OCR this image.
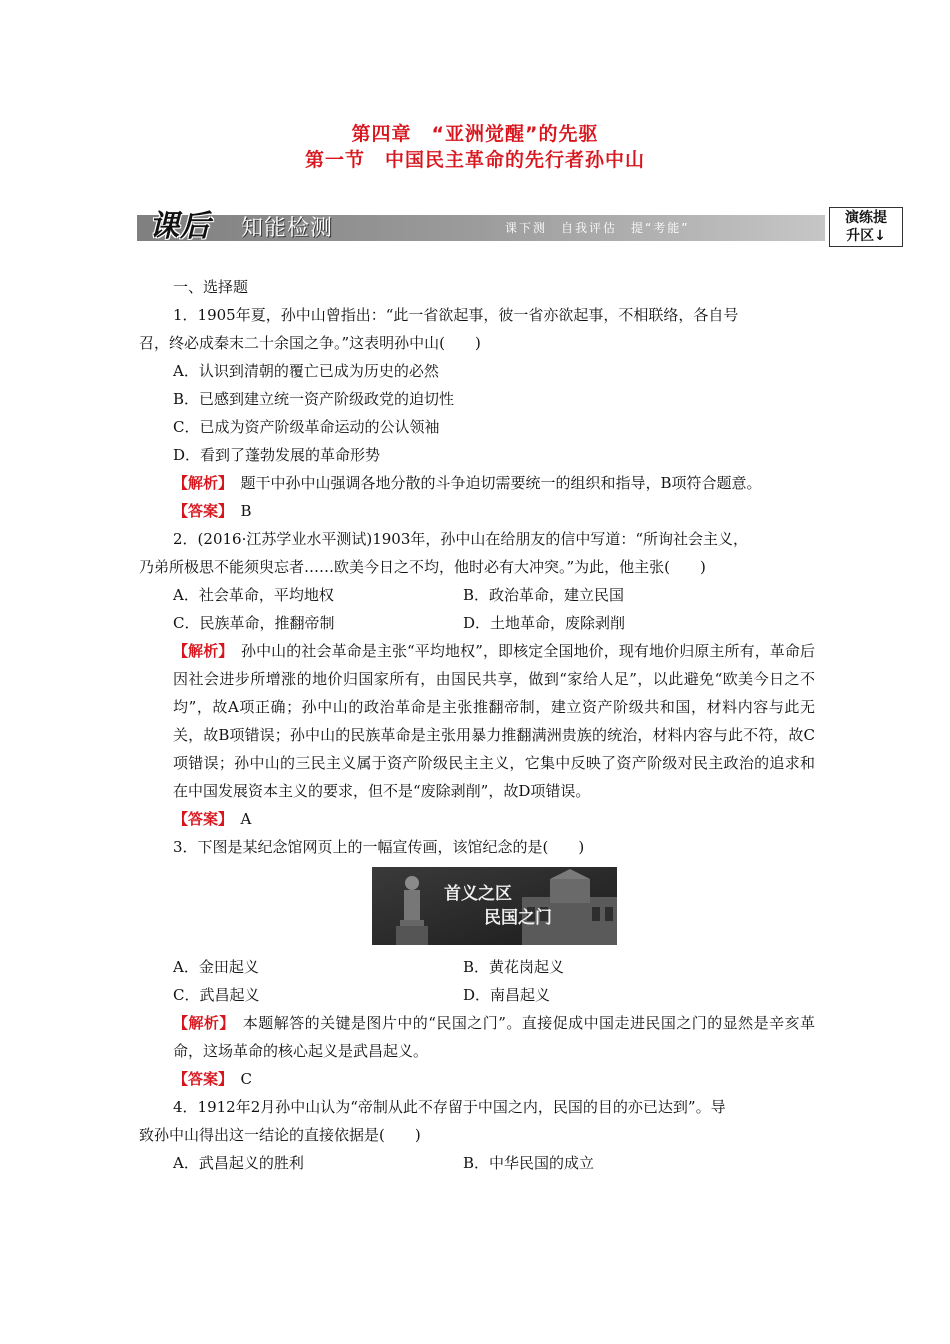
第四章　“亚洲觉醒”的先驱
第一节　中国民主革命的先行者孙中山
课后 知能检测	课下测　自我评估　提“考能”
演练提
升区↓
一、选择题
1．1905年夏，孙中山曾指出：“此一省欲起事，彼一省亦欲起事，不相联络，各自号
召，终必成秦末二十余国之争。”这表明孙中山(　　)
A．认识到清朝的覆亡已成为历史的必然
B．已感到建立统一资产阶级政党的迫切性
C．已成为资产阶级革命运动的公认领袖
D．看到了蓬勃发展的革命形势
【解析】　题干中孙中山强调各地分散的斗争迫切需要统一的组织和指导，B项符合题意。
【答案】　B
2．(2016·江苏学业水平测试)1903年，孙中山在给朋友的信中写道：“所询社会主义，
乃弟所极思不能须臾忘者……欧美今日之不均，他时必有大冲突。”为此，他主张(　　)
A．社会革命，平均地权	B．政治革命，建立民国
C．民族革命，推翻帝制	D．土地革命，废除剥削
【解析】　孙中山的社会革命是主张“平均地权”，即核定全国地价，现有地价归原主所有，革命后因社会进步所增涨的地价归国家所有，由国民共享，做到“家给人足”，以此避免“欧美今日之不均”，故A项正确；孙中山的政治革命是主张推翻帝制，建立资产阶级共和国，材料内容与此无关，故B项错误；孙中山的民族革命是主张用暴力推翻满洲贵族的统治，材料内容与此不符，故C项错误；孙中山的三民主义属于资产阶级民主主义，它集中反映了资产阶级对民主政治的追求和在中国发展资本主义的要求，但不是“废除剥削”，故D项错误。
【答案】　A
3．下图是某纪念馆网页上的一幅宣传画，该馆纪念的是(　　)
首义之区
民国之门
A．金田起义	B．黄花岗起义
C．武昌起义	D．南昌起义
【解析】　本题解答的关键是图片中的“民国之门”。直接促成中国走进民国之门的显然是辛亥革命，这场革命的核心起义是武昌起义。
【答案】　C
4．1912年2月孙中山认为“帝制从此不存留于中国之内，民国的目的亦已达到”。导
致孙中山得出这一结论的直接依据是(　　)
A．武昌起义的胜利	B．中华民国的成立
